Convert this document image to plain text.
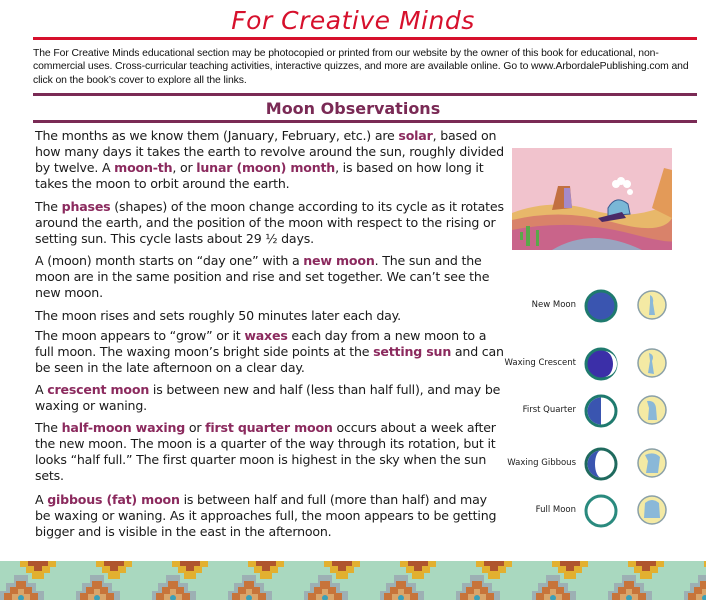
For Creative Minds
The For Creative Minds educational section may be photocopied or printed from our website by the owner of this book for educational, non-commercial uses. Cross-curricular teaching activities, interactive quizzes, and more are available online. Go to www.ArbordalePublishing.com and click on the book’s cover to explore all the links.
Moon Observations

The months as we know them (January, February, etc.) are solar, based on how many days it takes the earth to revolve around the sun, roughly divided by twelve. A moon-th, or lunar (moon) month, is based on how long it takes the moon to orbit around the earth.

The phases (shapes) of the moon change according to its cycle as it rotates around the earth, and the position of the moon with respect to the rising or setting sun. This cycle lasts about 29 ½ days.

A (moon) month starts on “day one” with a new moon. The sun and the moon are in the same position and rise and set together. We can’t see the new moon.

The moon rises and sets roughly 50 minutes later each day.

The moon appears to “grow” or it waxes each day from a new moon to a full moon. The waxing moon’s bright side points at the setting sun and can be seen in the late afternoon on a clear day.

A crescent moon is between new and half (less than half full), and may be waxing or waning.

The half-moon waxing or first quarter moon occurs about a week after the new moon. The moon is a quarter of the way through its rotation, but it looks “half full.” The first quarter moon is highest in the sky when the sun sets.

A gibbous (fat) moon is between half and full (more than half) and may be waxing or waning. As it approaches full, the moon appears to be getting bigger and is visible in the east in the afternoon.

New Moon
Waxing Crescent
First Quarter
Waxing Gibbous
Full Moon
